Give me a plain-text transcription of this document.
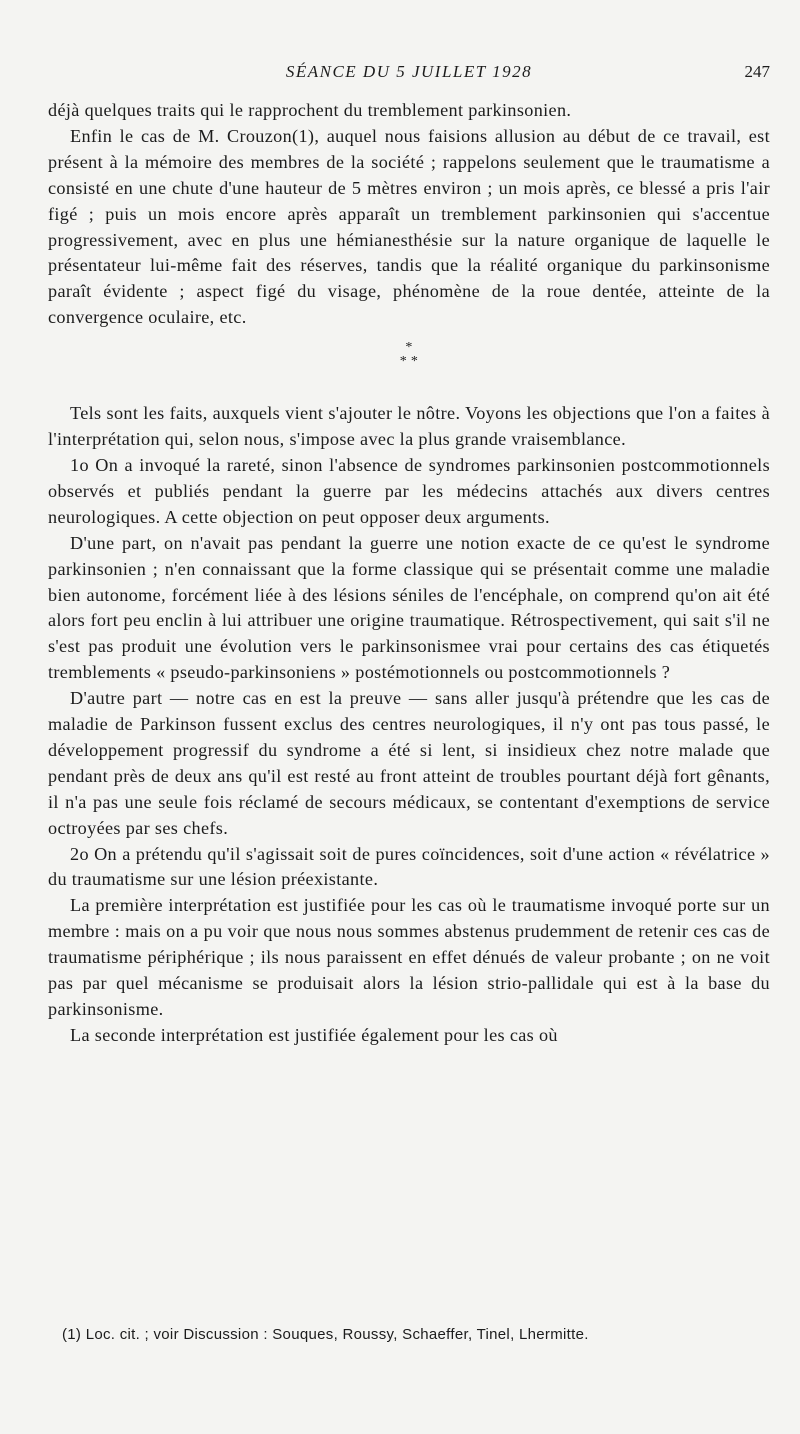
SÉANCE DU 5 JUILLET 1928	247

déjà quelques traits qui le rapprochent du tremblement parkinsonien.

Enfin le cas de M. Crouzon(1), auquel nous faisions allusion au début de ce travail, est présent à la mémoire des membres de la société ; rappelons seulement que le traumatisme a consisté en une chute d'une hauteur de 5 mètres environ ; un mois après, ce blessé a pris l'air figé ; puis un mois encore après apparaît un tremblement parkinsonien qui s'accentue progressivement, avec en plus une hémianesthésie sur la nature organique de laquelle le présentateur lui-même fait des réserves, tandis que la réalité organique du parkinsonisme paraît évidente ; aspect figé du visage, phénomène de la roue dentée, atteinte de la convergence oculaire, etc.

*
* *

Tels sont les faits, auxquels vient s'ajouter le nôtre. Voyons les objections que l'on a faites à l'interprétation qui, selon nous, s'impose avec la plus grande vraisemblance.

1o On a invoqué la rareté, sinon l'absence de syndromes parkinsonien postcommotionnels observés et publiés pendant la guerre par les médecins attachés aux divers centres neurologiques. A cette objection on peut opposer deux arguments.

D'une part, on n'avait pas pendant la guerre une notion exacte de ce qu'est le syndrome parkinsonien ; n'en connaissant que la forme classique qui se présentait comme une maladie bien autonome, forcément liée à des lésions séniles de l'encéphale, on comprend qu'on ait été alors fort peu enclin à lui attribuer une origine traumatique. Rétrospectivement, qui sait s'il ne s'est pas produit une évolution vers le parkinsonismee vrai pour certains des cas étiquetés tremblements « pseudo-parkinsoniens » postémotionnels ou postcommotionnels ?

D'autre part — notre cas en est la preuve — sans aller jusqu'à prétendre que les cas de maladie de Parkinson fussent exclus des centres neurologiques, il n'y ont pas tous passé, le développement progressif du syndrome a été si lent, si insidieux chez notre malade que pendant près de deux ans qu'il est resté au front atteint de troubles pourtant déjà fort gênants, il n'a pas une seule fois réclamé de secours médicaux, se contentant d'exemptions de service octroyées par ses chefs.

2o On a prétendu qu'il s'agissait soit de pures coïncidences, soit d'une action « révélatrice » du traumatisme sur une lésion préexistante.

La première interprétation est justifiée pour les cas où le traumatisme invoqué porte sur un membre : mais on a pu voir que nous nous sommes abstenus prudemment de retenir ces cas de traumatisme périphérique ; ils nous paraissent en effet dénués de valeur probante ; on ne voit pas par quel mécanisme se produisait alors la lésion strio-pallidale qui est à la base du parkinsonisme.

La seconde interprétation est justifiée également pour les cas où

(1) Loc. cit. ; voir Discussion : Souques, Roussy, Schaeffer, Tinel, Lhermitte.
